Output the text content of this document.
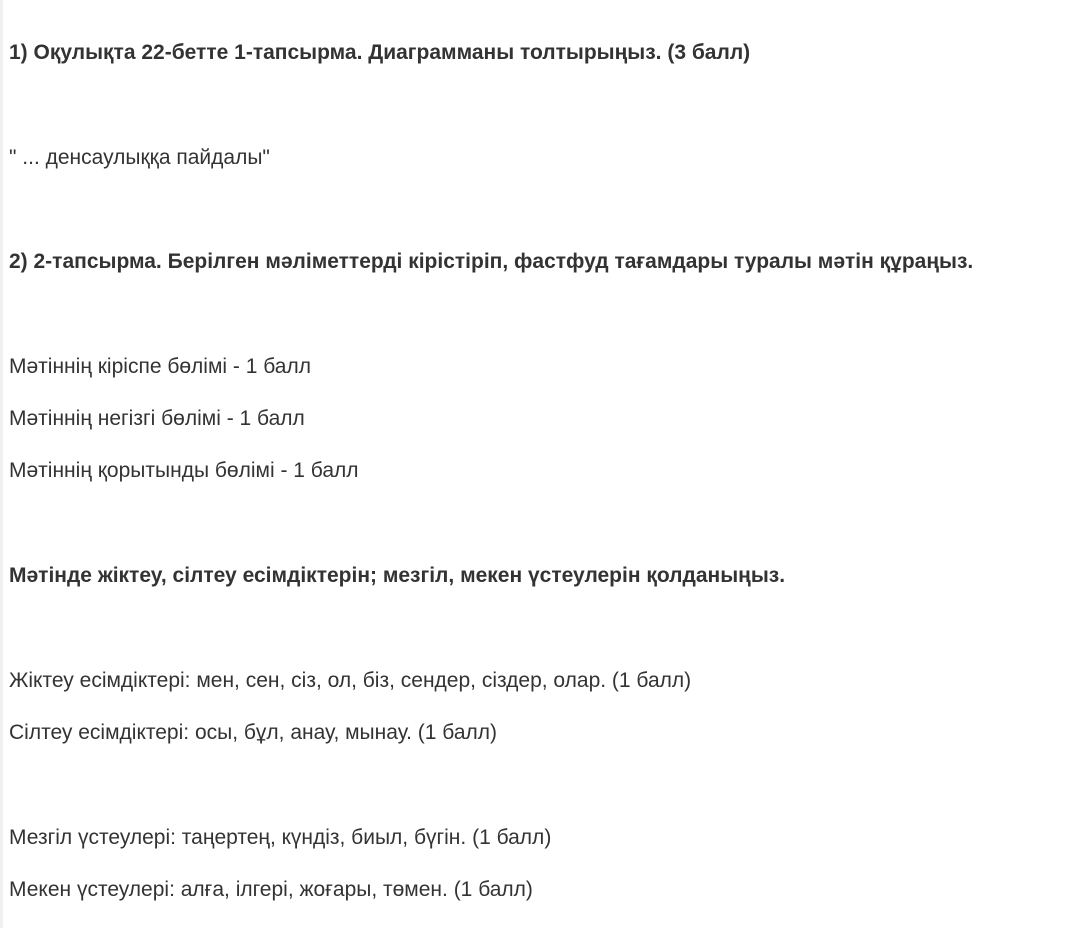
1) Оқулықта 22-бетте 1-тапсырма. Диаграмманы толтырыңыз. (3 балл)
" ... денсаулыққа пайдалы"
2) 2-тапсырма. Берілген мәліметтерді кірістіріп, фастфуд тағамдары туралы мәтін құраңыз.
Мәтіннің кіріспе бөлімі - 1 балл
Мәтіннің негізгі бөлімі - 1 балл
Мәтіннің қорытынды бөлімі - 1 балл
Мәтінде жіктеу, сілтеу есімдіктерін; мезгіл, мекен үстеулерін қолданыңыз.
Жіктеу есімдіктері: мен, сен, сіз, ол, біз, сендер, сіздер, олар. (1 балл)
Сілтеу есімдіктері: осы, бұл, анау, мынау. (1 балл)
Мезгіл үстеулері: таңертең, күндіз, биыл, бүгін. (1 балл)
Мекен үстеулері: алға, ілгері, жоғары, төмен. (1 балл)
